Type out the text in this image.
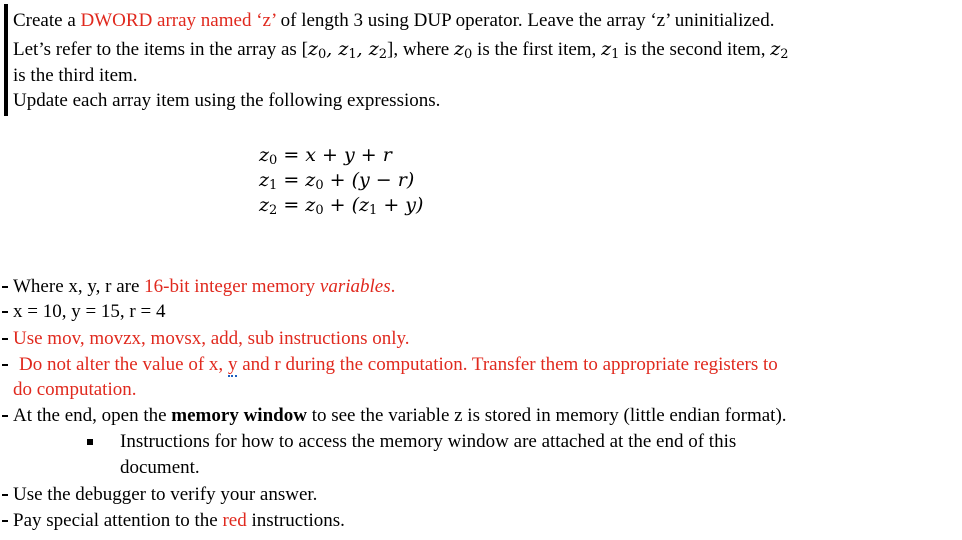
Create a DWORD array named ‘z’ of length 3 using DUP operator. Leave the array ‘z’ uninitialized.
Let’s refer to the items in the array as [$z_0$, $z_1$, $z_2$], where $z_0$ is the first item, $z_1$ is the second item, $z_2$
is the third item.
Update each array item using the following expressions.
$z_0 = x + y + r$
$z_1 = z_0 + (y - r)$
$z_2 = z_0 + (z_1 + y)$
Where x, y, r are 16-bit integer memory variables.
x = 10, y = 15, r = 4
Use mov, movzx, movsx, add, sub instructions only.
Do not alter the value of x, y and r during the computation. Transfer them to appropriate registers to
do computation.
At the end, open the memory window to see the variable z is stored in memory (little endian format).
Instructions for how to access the memory window are attached at the end of this
document.
Use the debugger to verify your answer.
Pay special attention to the red instructions.
